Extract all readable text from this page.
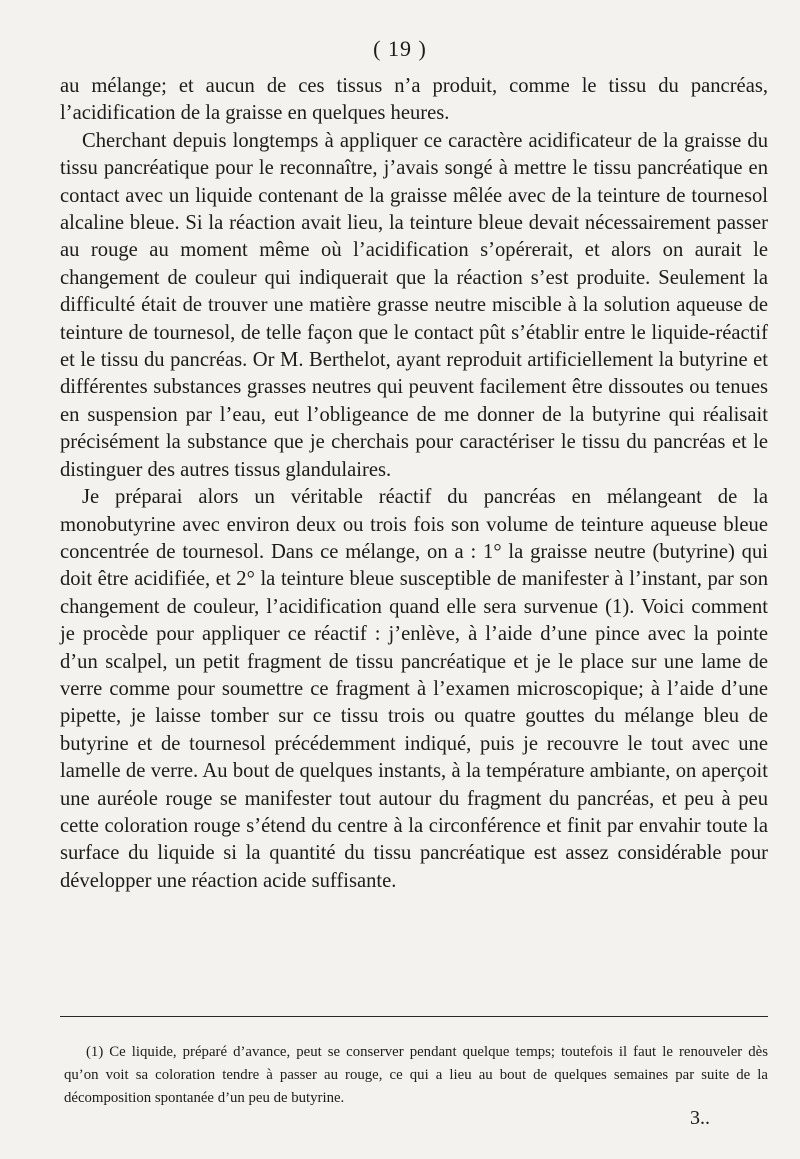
( 19 )

au mélange; et aucun de ces tissus n’a produit, comme le tissu du pancréas, l’acidification de la graisse en quelques heures.

Cherchant depuis longtemps à appliquer ce caractère acidificateur de la graisse du tissu pancréatique pour le reconnaître, j’avais songé à mettre le tissu pancréatique en contact avec un liquide contenant de la graisse mêlée avec de la teinture de tournesol alcaline bleue. Si la réaction avait lieu, la teinture bleue devait nécessairement passer au rouge au moment même où l’acidification s’opérerait, et alors on aurait le changement de couleur qui indiquerait que la réaction s’est produite. Seulement la difficulté était de trouver une matière grasse neutre miscible à la solution aqueuse de teinture de tournesol, de telle façon que le contact pût s’établir entre le liquide-réactif et le tissu du pancréas. Or M. Berthelot, ayant reproduit artificiellement la butyrine et différentes substances grasses neutres qui peuvent facilement être dissoutes ou tenues en suspension par l’eau, eut l’obligeance de me donner de la butyrine qui réalisait précisément la substance que je cherchais pour caractériser le tissu du pancréas et le distinguer des autres tissus glandulaires.

Je préparai alors un véritable réactif du pancréas en mélangeant de la monobutyrine avec environ deux ou trois fois son volume de teinture aqueuse bleue concentrée de tournesol. Dans ce mélange, on a : 1° la graisse neutre (butyrine) qui doit être acidifiée, et 2° la teinture bleue susceptible de manifester à l’instant, par son changement de couleur, l’acidification quand elle sera survenue (1). Voici comment je procède pour appliquer ce réactif : j’enlève, à l’aide d’une pince avec la pointe d’un scalpel, un petit fragment de tissu pancréatique et je le place sur une lame de verre comme pour soumettre ce fragment à l’examen microscopique; à l’aide d’une pipette, je laisse tomber sur ce tissu trois ou quatre gouttes du mélange bleu de butyrine et de tournesol précédemment indiqué, puis je recouvre le tout avec une lamelle de verre. Au bout de quelques instants, à la température ambiante, on aperçoit une auréole rouge se manifester tout autour du fragment du pancréas, et peu à peu cette coloration rouge s’étend du centre à la circonférence et finit par envahir toute la surface du liquide si la quantité du tissu pancréatique est assez considérable pour développer une réaction acide suffisante.

(1) Ce liquide, préparé d’avance, peut se conserver pendant quelque temps; toutefois il faut le renouveler dès qu’on voit sa coloration tendre à passer au rouge, ce qui a lieu au bout de quelques semaines par suite de la décomposition spontanée d’un peu de butyrine.

3..
